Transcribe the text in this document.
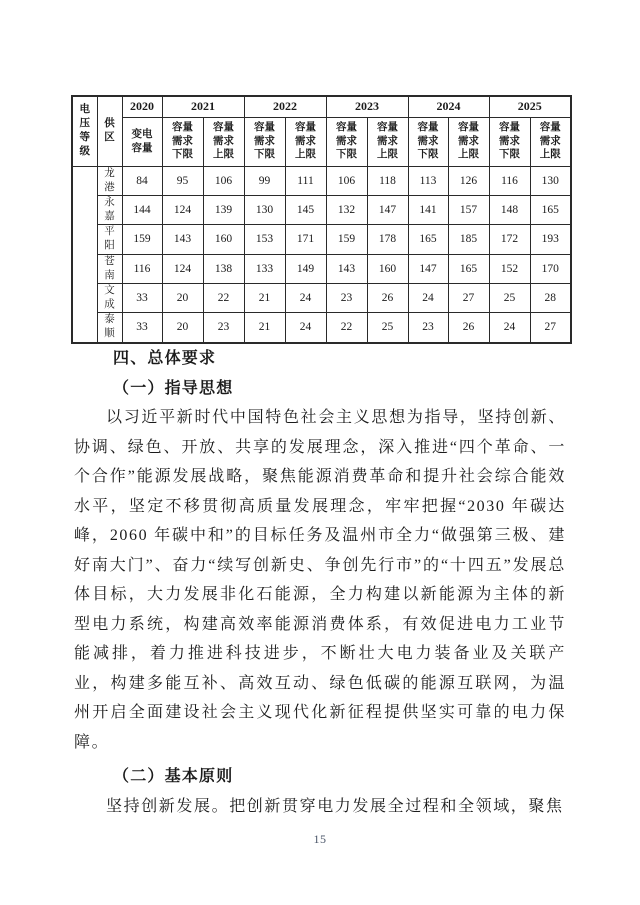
电压等级	供区	2020	2021		2022		2023		2024		2025	
		变电容量	容量需求下限	容量需求上限	容量需求下限	容量需求上限	容量需求下限	容量需求上限	容量需求下限	容量需求上限	容量需求下限	容量需求上限
	龙港	84	95	106	99	111	106	118	113	126	116	130
	永嘉	144	124	139	130	145	132	147	141	157	148	165
	平阳	159	143	160	153	171	159	178	165	185	172	193
	苍南	116	124	138	133	149	143	160	147	165	152	170
	文成	33	20	22	21	24	23	26	24	27	25	28
	泰顺	33	20	23	21	24	22	25	23	26	24	27
四、总体要求
（一）指导思想
以习近平新时代中国特色社会主义思想为指导，坚持创新、协调、绿色、开放、共享的发展理念，深入推进“四个革命、一个合作”能源发展战略，聚焦能源消费革命和提升社会综合能效水平，坚定不移贯彻高质量发展理念，牢牢把握“2030 年碳达峰，2060 年碳中和”的目标任务及温州市全力“做强第三极、建好南大门”、奋力“续写创新史、争创先行市”的“十四五”发展总体目标，大力发展非化石能源，全力构建以新能源为主体的新型电力系统，构建高效率能源消费体系，有效促进电力工业节能减排，着力推进科技进步，不断壮大电力装备业及关联产业，构建多能互补、高效互动、绿色低碳的能源互联网，为温州开启全面建设社会主义现代化新征程提供坚实可靠的电力保障。
（二）基本原则
坚持创新发展。把创新贯穿电力发展全过程和全领域，聚焦
15
